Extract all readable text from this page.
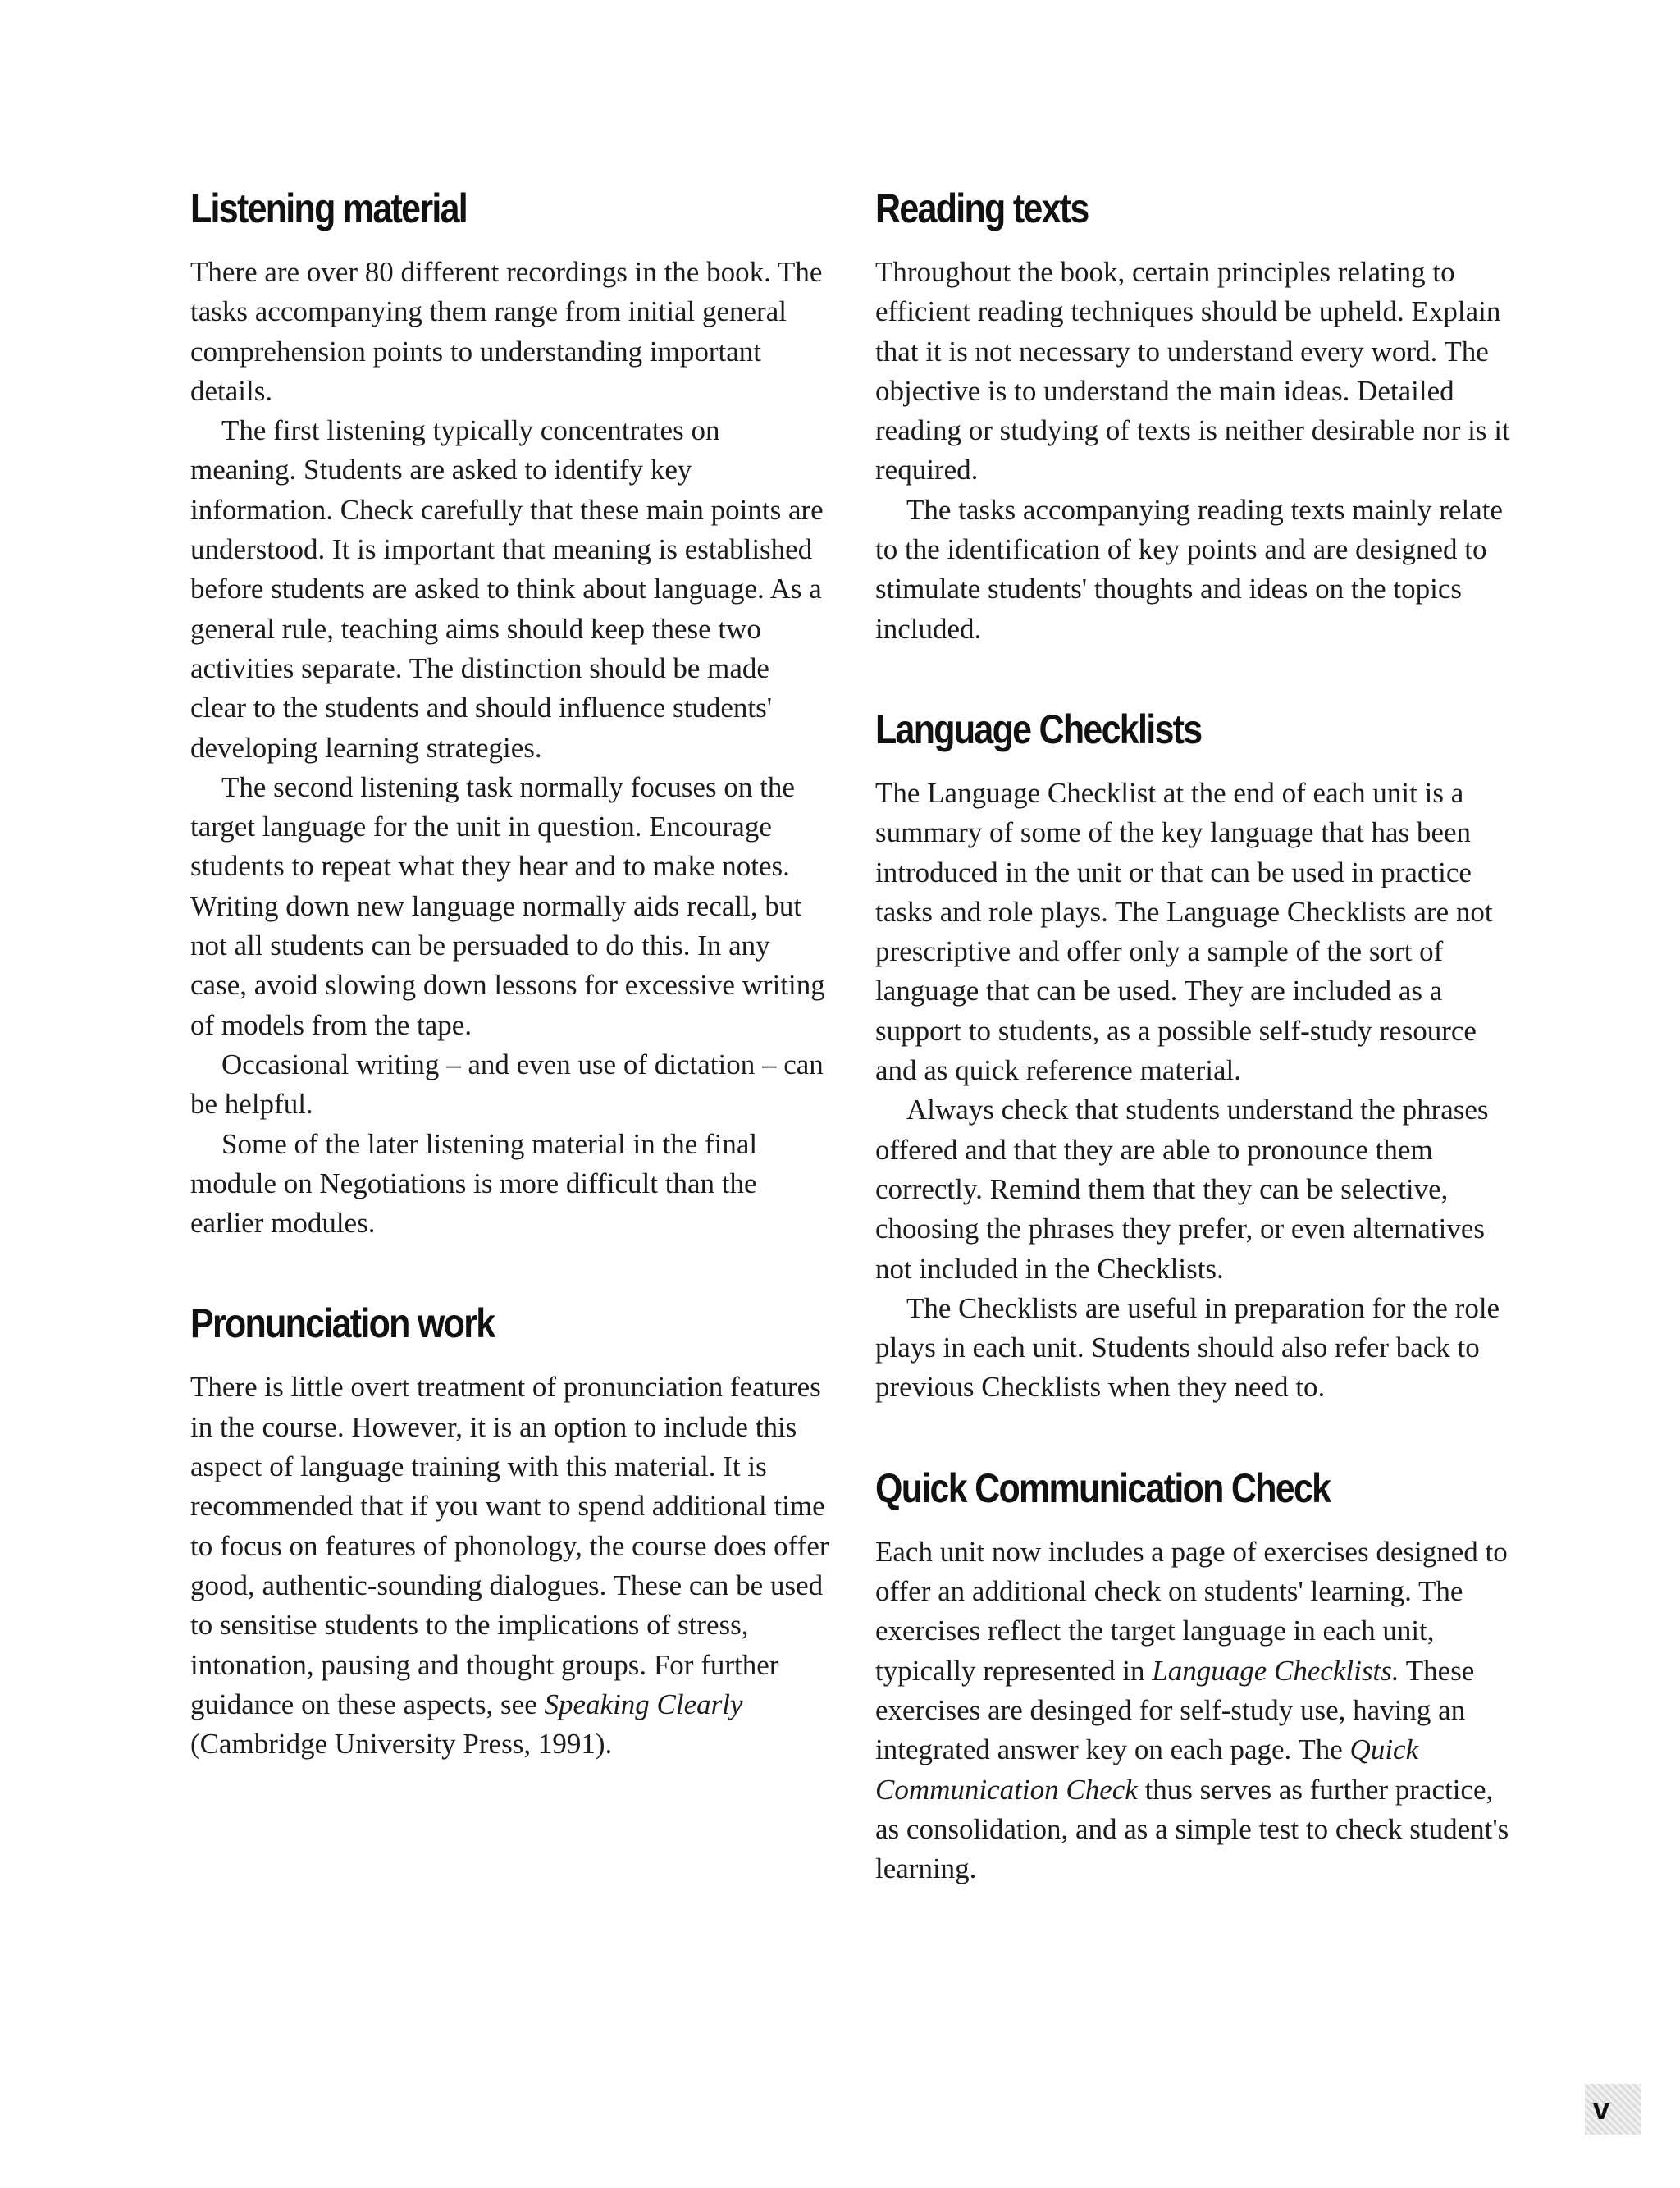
Listening material

There are over 80 different recordings in the book. The tasks accompanying them range from initial general comprehension points to understanding important details.

The first listening typically concentrates on meaning. Students are asked to identify key information. Check carefully that these main points are understood. It is important that meaning is established before students are asked to think about language. As a general rule, teaching aims should keep these two activities separate. The distinction should be made clear to the students and should influence students' developing learning strategies.

The second listening task normally focuses on the target language for the unit in question. Encourage students to repeat what they hear and to make notes. Writing down new language normally aids recall, but not all students can be persuaded to do this. In any case, avoid slowing down lessons for excessive writing of models from the tape.

Occasional writing – and even use of dictation – can be helpful.

Some of the later listening material in the final module on Negotiations is more difficult than the earlier modules.

Pronunciation work

There is little overt treatment of pronunciation features in the course. However, it is an option to include this aspect of language training with this material. It is recommended that if you want to spend additional time to focus on features of phonology, the course does offer good, authentic-sounding dialogues. These can be used to sensitise students to the implications of stress, intonation, pausing and thought groups. For further guidance on these aspects, see Speaking Clearly (Cambridge University Press, 1991).

Reading texts

Throughout the book, certain principles relating to efficient reading techniques should be upheld. Explain that it is not necessary to understand every word. The objective is to understand the main ideas. Detailed reading or studying of texts is neither desirable nor is it required.

The tasks accompanying reading texts mainly relate to the identification of key points and are designed to stimulate students' thoughts and ideas on the topics included.

Language Checklists

The Language Checklist at the end of each unit is a summary of some of the key language that has been introduced in the unit or that can be used in practice tasks and role plays. The Language Checklists are not prescriptive and offer only a sample of the sort of language that can be used. They are included as a support to students, as a possible self-study resource and as quick reference material.

Always check that students understand the phrases offered and that they are able to pronounce them correctly. Remind them that they can be selective, choosing the phrases they prefer, or even alternatives not included in the Checklists.

The Checklists are useful in preparation for the role plays in each unit. Students should also refer back to previous Checklists when they need to.

Quick Communication Check

Each unit now includes a page of exercises designed to offer an additional check on students' learning. The exercises reflect the target language in each unit, typically represented in Language Checklists. These exercises are desinged for self-study use, having an integrated answer key on each page. The Quick Communication Check thus serves as further practice, as consolidation, and as a simple test to check student's learning.

v
